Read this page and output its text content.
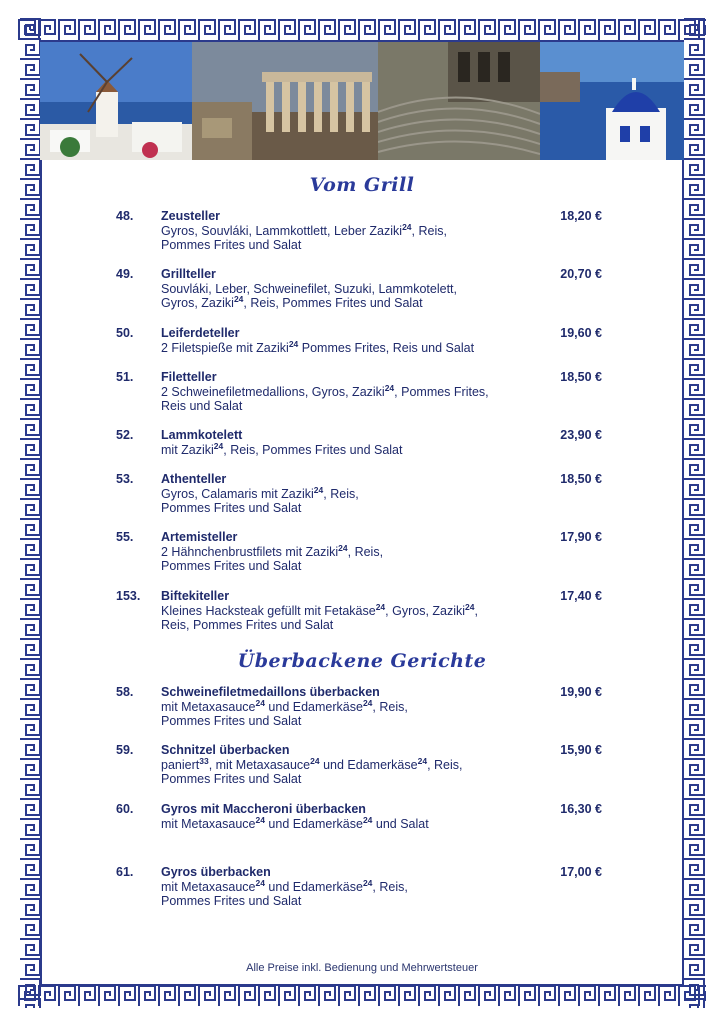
Vom Grill
48. Zeusteller
Gyros, Souvláki, Lammkottlett, Leber Zaziki$^{24}$, Reis,
Pommes Frites und Salat
18,20 €
49. Grillteller
Souvláki, Leber, Schweinefilet, Suzuki, Lammkotelett,
Gyros, Zaziki$^{24}$, Reis, Pommes Frites und Salat
20,70 €
50. Leiferdeteller
2 Filetspieße mit Zaziki$^{24}$ Pommes Frites, Reis und Salat
19,60 €
51. Filetteller
2 Schweinefiletmedallions, Gyros, Zaziki$^{24}$, Pommes Frites,
Reis und Salat
18,50 €
52. Lammkotelett
mit Zaziki$^{24}$, Reis, Pommes Frites und Salat
23,90 €
53. Athenteller
Gyros, Calamaris mit Zaziki$^{24}$, Reis,
Pommes Frites und Salat
18,50 €
55. Artemisteller
2 Hähnchenbrustfilets mit Zaziki$^{24}$, Reis,
Pommes Frites und Salat
17,90 €
153. Biftekiteller
Kleines Hacksteak gefüllt mit Fetakäse$^{24}$, Gyros, Zaziki$^{24}$,
Reis, Pommes Frites und Salat
17,40 €
Überbackene Gerichte
58. Schweinefiletmedaillons überbacken
mit Metaxasauce$^{24}$ und Edamerkäse$^{24}$, Reis,
Pommes Frites und Salat
19,90 €
59. Schnitzel überbacken
paniert$^{33}$, mit Metaxasauce$^{24}$ und Edamerkäse$^{24}$, Reis,
Pommes Frites und Salat
15,90 €
60. Gyros mit Maccheroni überbacken
mit Metaxasauce$^{24}$ und Edamerkäse$^{24}$ und Salat
16,30 €
61. Gyros überbacken
mit Metaxasauce$^{24}$ und Edamerkäse$^{24}$, Reis,
Pommes Frites und Salat
17,00 €
Alle Preise inkl. Bedienung und Mehrwertsteuer
